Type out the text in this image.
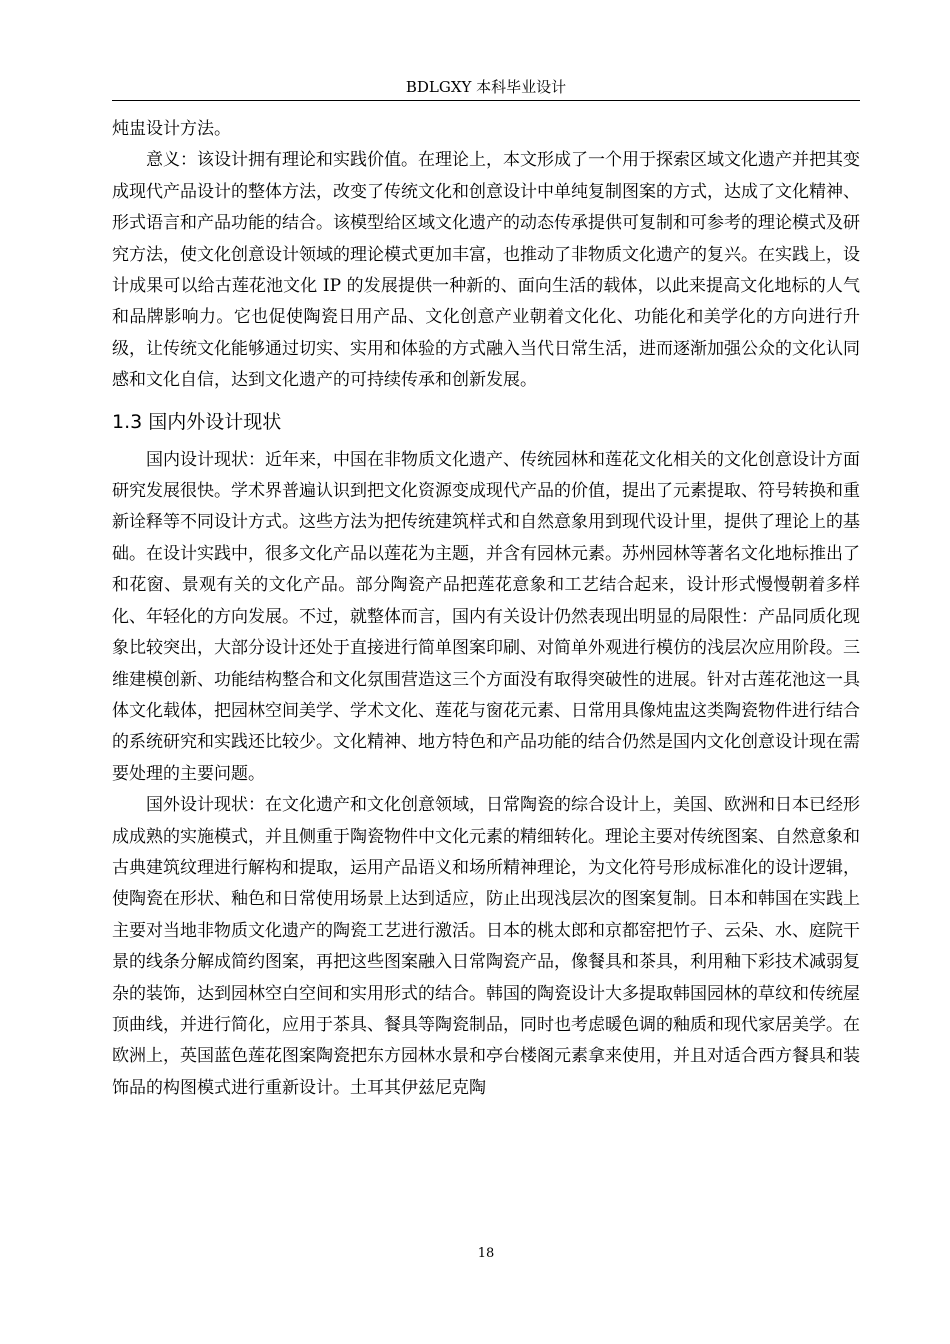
BDLGXY 本科毕业设计

炖盅设计方法。

意义：该设计拥有理论和实践价值。在理论上，本文形成了一个用于探索区域文化遗产并把其变成现代产品设计的整体方法，改变了传统文化和创意设计中单纯复制图案的方式，达成了文化精神、形式语言和产品功能的结合。该模型给区域文化遗产的动态传承提供可复制和可参考的理论模式及研究方法，使文化创意设计领域的理论模式更加丰富，也推动了非物质文化遗产的复兴。在实践上，设计成果可以给古莲花池文化 IP 的发展提供一种新的、面向生活的载体，以此来提高文化地标的人气和品牌影响力。它也促使陶瓷日用产品、文化创意产业朝着文化化、功能化和美学化的方向进行升级，让传统文化能够通过切实、实用和体验的方式融入当代日常生活，进而逐渐加强公众的文化认同感和文化自信，达到文化遗产的可持续传承和创新发展。

1.3 国内外设计现状

国内设计现状：近年来，中国在非物质文化遗产、传统园林和莲花文化相关的文化创意设计方面研究发展很快。学术界普遍认识到把文化资源变成现代产品的价值，提出了元素提取、符号转换和重新诠释等不同设计方式。这些方法为把传统建筑样式和自然意象用到现代设计里，提供了理论上的基础。在设计实践中，很多文化产品以莲花为主题，并含有园林元素。苏州园林等著名文化地标推出了和花窗、景观有关的文化产品。部分陶瓷产品把莲花意象和工艺结合起来，设计形式慢慢朝着多样化、年轻化的方向发展。不过，就整体而言，国内有关设计仍然表现出明显的局限性：产品同质化现象比较突出，大部分设计还处于直接进行简单图案印刷、对简单外观进行模仿的浅层次应用阶段。三维建模创新、功能结构整合和文化氛围营造这三个方面没有取得突破性的进展。针对古莲花池这一具体文化载体，把园林空间美学、学术文化、莲花与窗花元素、日常用具像炖盅这类陶瓷物件进行结合的系统研究和实践还比较少。文化精神、地方特色和产品功能的结合仍然是国内文化创意设计现在需要处理的主要问题。

国外设计现状：在文化遗产和文化创意领域，日常陶瓷的综合设计上，美国、欧洲和日本已经形成成熟的实施模式，并且侧重于陶瓷物件中文化元素的精细转化。理论主要对传统图案、自然意象和古典建筑纹理进行解构和提取，运用产品语义和场所精神理论，为文化符号形成标准化的设计逻辑，使陶瓷在形状、釉色和日常使用场景上达到适应，防止出现浅层次的图案复制。日本和韩国在实践上主要对当地非物质文化遗产的陶瓷工艺进行激活。日本的桃太郎和京都窑把竹子、云朵、水、庭院干景的线条分解成简约图案，再把这些图案融入日常陶瓷产品，像餐具和茶具，利用釉下彩技术减弱复杂的装饰，达到园林空白空间和实用形式的结合。韩国的陶瓷设计大多提取韩国园林的草纹和传统屋顶曲线，并进行简化，应用于茶具、餐具等陶瓷制品，同时也考虑暖色调的釉质和现代家居美学。在欧洲上，英国蓝色莲花图案陶瓷把东方园林水景和亭台楼阁元素拿来使用，并且对适合西方餐具和装饰品的构图模式进行重新设计。土耳其伊兹尼克陶

18
